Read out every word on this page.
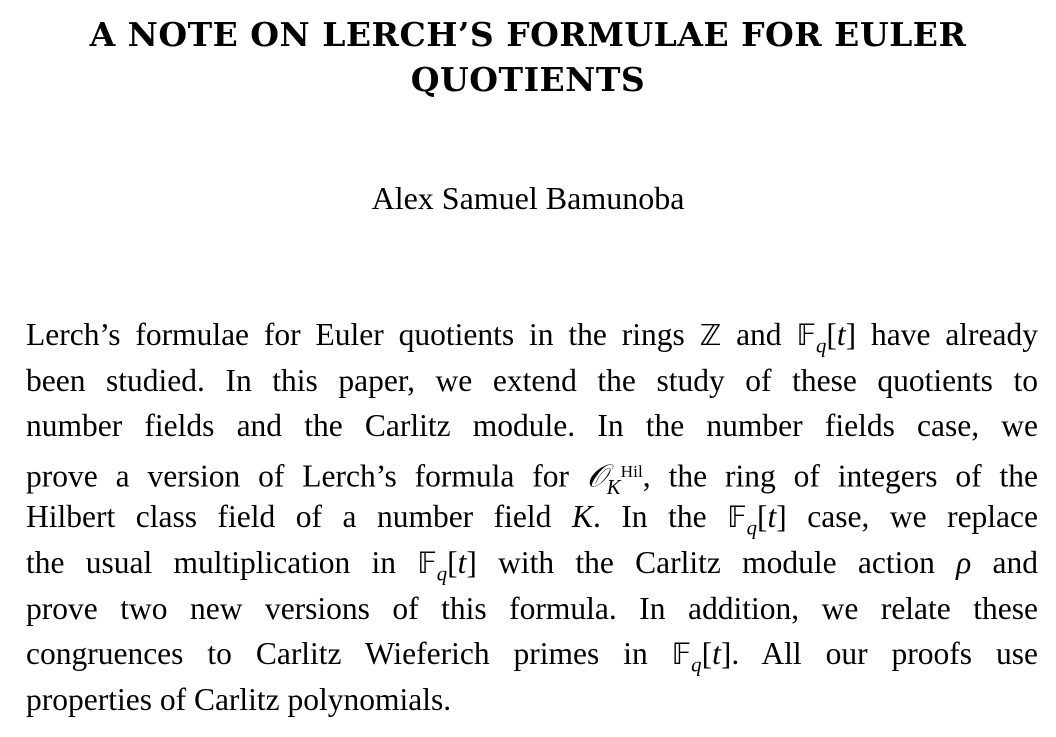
A NOTE ON LERCH’S FORMULAE FOR EULER
QUOTIENTS

Alex Samuel Bamunoba

Lerch’s formulae for Euler quotients in the rings ℤ and 𝔽$_q$[t] have already
been studied. In this paper, we extend the study of these quotients to
number fields and the Carlitz module. In the number fields case, we
prove a version of Lerch’s formula for 𝒪$_K^{Hil}$, the ring of integers of the
Hilbert class field of a number field K. In the 𝔽$_q$[t] case, we replace
the usual multiplication in 𝔽$_q$[t] with the Carlitz module action ρ and
prove two new versions of this formula. In addition, we relate these
congruences to Carlitz Wieferich primes in 𝔽$_q$[t]. All our proofs use
properties of Carlitz polynomials.
